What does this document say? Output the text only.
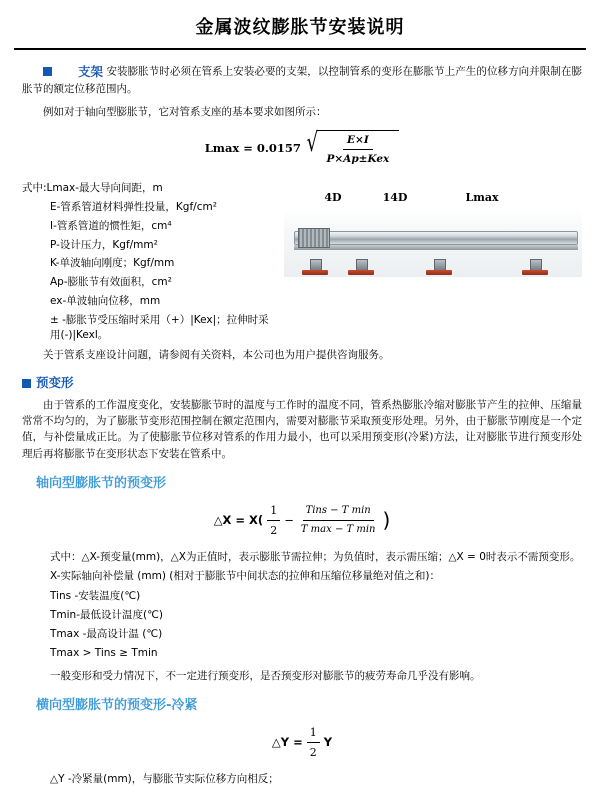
金属波纹膨胀节安装说明

支架 安装膨胀节时必须在管系上安装必要的支架，以控制管系的变形在膨胀节上产生的位移方向并限制在膨胀节的额定位移范围内。

例如对于轴向型膨胀节，它对管系支座的基本要求如图所示：

Lmax = 0.0157 √ $\frac{E\times I}{\text{P×Ap±Kex}}$
式中:Lmax-最大导向间距，m
E-管系管道材料弹性投量，Kgf/cm²
I-管系管道的惯性矩，cm⁴
P-设计压力，Kgf/mm²
K-单波轴向刚度；Kgf/mm
Ap-膨胀节有效面积，cm²
ex-单波轴向位移，mm
± -膨胀节受压缩时采用（+）|Kex|；拉伸时采用(-)|Kexl。
4D	14D	Lmax

关于管系支座设计问题，请参阅有关资料，本公司也为用户提供咨询服务。

预变形

由于管系的工作温度变化，安装膨胀节时的温度与工作时的温度不同，管系热膨胀冷缩对膨胀节产生的拉伸、压缩量常常不均匀的，为了膨胀节变形范围控制在额定范围内，需要对膨胀节采取预变形处理。另外，由于膨胀节刚度是一个定值，与补偿量成正比。为了使膨胀节位移对管系的作用力最小，也可以采用预变形(冷紧)方法，让对膨胀节进行预变形处理后再将膨胀节在变形状态下安装在管系中。

轴向型膨胀节的预变形
△X = $X( \frac{1}{2} - \frac{\text{Tins − T min}}{\text{T max − T min}}$ )
式中：△X-预变量(mm)，△X为正值时，表示膨胀节需拉伸；为负值时，表示需压缩；△X = 0时表示不需预变形。
X-实际轴向补偿量 (mm) (相对于膨胀节中间状态的拉伸和压缩位移量绝对值之和)：
Tins -安装温度(℃)
Tmin-最低设计温度(℃)
Tmax -最高设计温 (℃)
Tmax > Tins ≥ Tmin
一般变形和受力情况下，不一定进行预变形，是否预变形对膨胀节的疲劳寿命几乎没有影响。
横向型膨胀节的预变形-冷紧
△Y = $\frac{1}{2}$ Y
△Y -冷紧量(mm)，与膨胀节实际位移方向相反；
